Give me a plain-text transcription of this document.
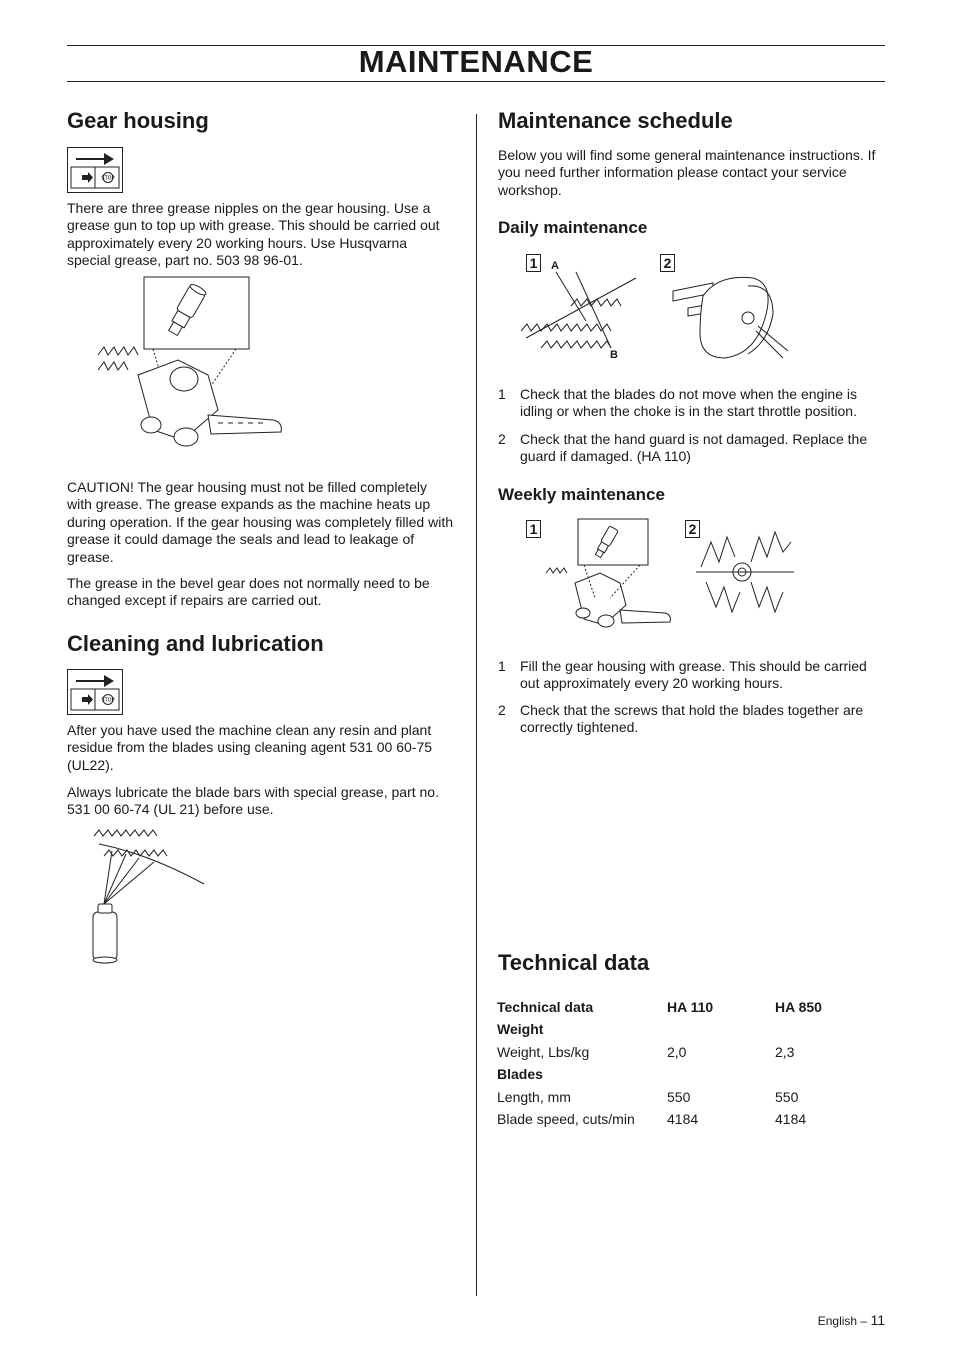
MAINTENANCE
Gear housing
STOP

There are three grease nipples on the gear housing. Use a grease gun to top up with grease. This should be carried out approximately every 20 working hours. Use Husqvarna special grease, part no. 503 98 96-01.

CAUTION! The gear housing must not be filled completely with grease. The grease expands as the machine heats up during operation. If the gear housing was completely filled with grease it could damage the seals and lead to leakage of grease.

The grease in the bevel gear does not normally need to be changed except if repairs are carried out.

Cleaning and lubrication
STOP

After you have used the machine clean any resin and plant residue from the blades using cleaning agent 531 00 60-75 (UL22).

Always lubricate the blade bars with special grease, part no. 531 00 60-74 (UL 21) before use.

Maintenance schedule

Below you will find some general maintenance instructions. If you need further information please contact your service workshop.

Daily maintenance
1	2
A
B
1 Check that the blades do not move when the engine is idling or when the choke is in the start throttle position.
2 Check that the hand guard is not damaged. Replace the guard if damaged. (HA 110)
Weekly maintenance
1	2
1 Fill the gear housing with grease. This should be carried out approximately every 20 working hours.
2 Check that the screws that hold the blades together are correctly tightened.
Technical data
Technical data	HA 110	HA 850
Weight
Weight, Lbs/kg	2,0	2,3
Blades
Length, mm	550	550
Blade speed, cuts/min 4184	4184
English – 11
